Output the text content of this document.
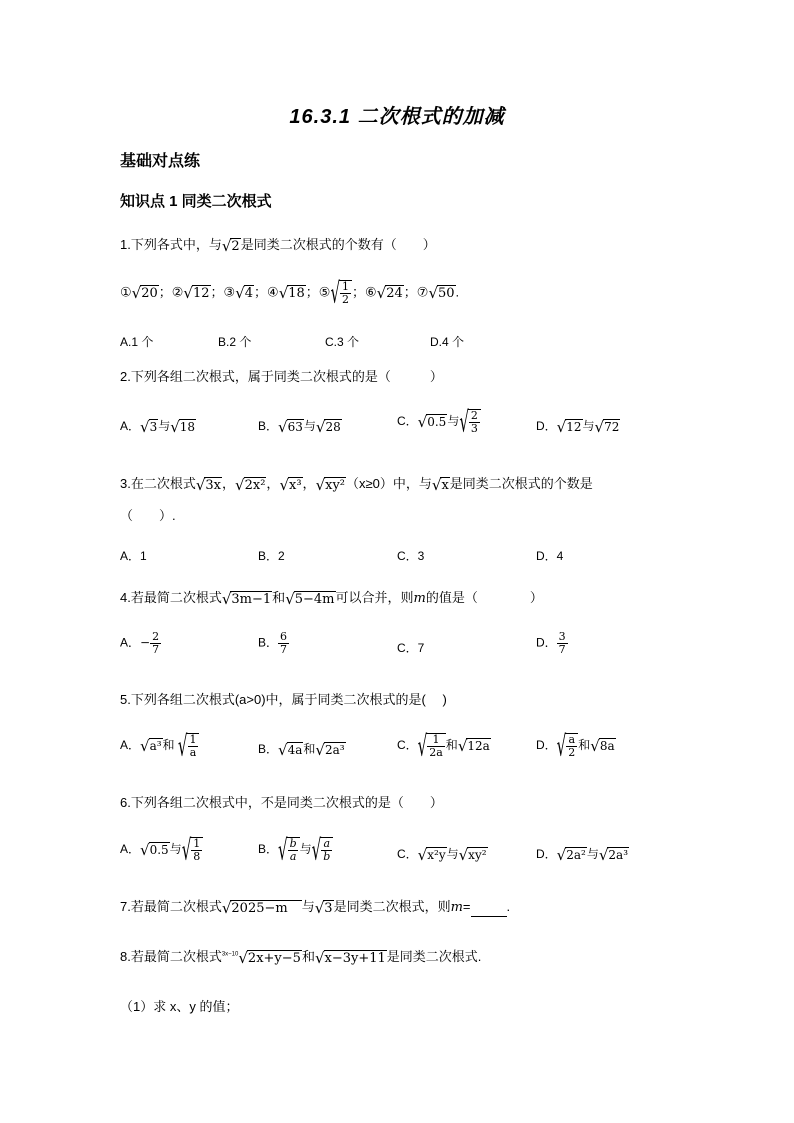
16.3.1 二次根式的加减
基础对点练
知识点 1 同类二次根式
1.下列各式中，与√2是同类二次根式的个数有（　　）
①√20；②√12；③√4；④√18；⑤√ $\frac{1}{2}$ ；⑥√24；⑦√50.
A.1 个	B.2 个	C.3 个	D.4 个
2.下列各组二次根式，属于同类二次根式的是（　　　）
A．√3与√18	B．√63与√28	C．√0.5与√ $\frac{2}{3}$	D．√12与√72
3.在二次根式√3x，√2x²，√x³，√xy²（x≥0）中，与√x是同类二次根式的个数是
（　　）.
A．1	B．2	C．3	D．4
4.若最简二次根式√3m−1和√5−4m可以合并，则m的值是（　　　　）
A．− $\frac{2}{7}$	B． $\frac{6}{7}$	C．7	D． $\frac{3}{7}$
5.下列各组二次根式(a>0)中，属于同类二次根式的是(　 )
A．√a³和 √ $\frac{1}{a}$	B．√4a和√2a³	C．√ $\frac{1}{2a}$ 和√12a	D．√ $\frac{a}{2}$ 和√8a
6.下列各组二次根式中，不是同类二次根式的是（　　）
A．√0.5与√ $\frac{1}{8}$	B．√ $\frac{b}{a}$ 与√ $\frac{a}{b}$	C．√x²y与√xy²	D．√2a²与√2a³
7.若最简二次根式√2025−m 与√3是同类二次根式，则m=	.
8.若最简二次根式$^{3x-10}$√2x+y−5和√x−3y+11是同类二次根式.
（1）求 x、y 的值；
